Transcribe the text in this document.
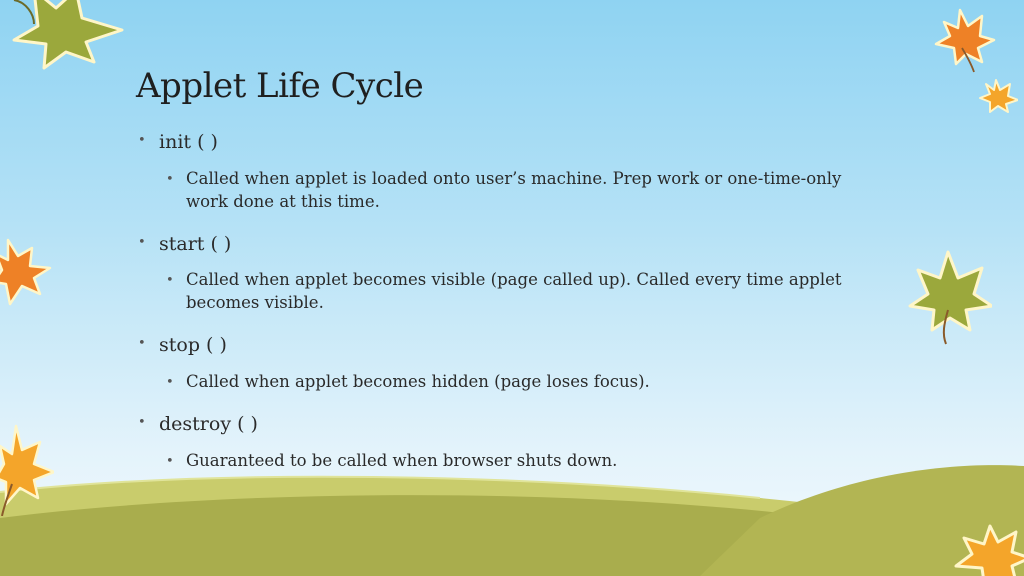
Applet Life Cycle
• init ( )
• Called when applet is loaded onto user’s machine. Prep work or one-time-only work done at this time.
• start ( )
• Called when applet becomes visible (page called up). Called every time applet becomes visible.
• stop ( )
• Called when applet becomes hidden (page loses focus).
• destroy ( )
• Guaranteed to be called when browser shuts down.
